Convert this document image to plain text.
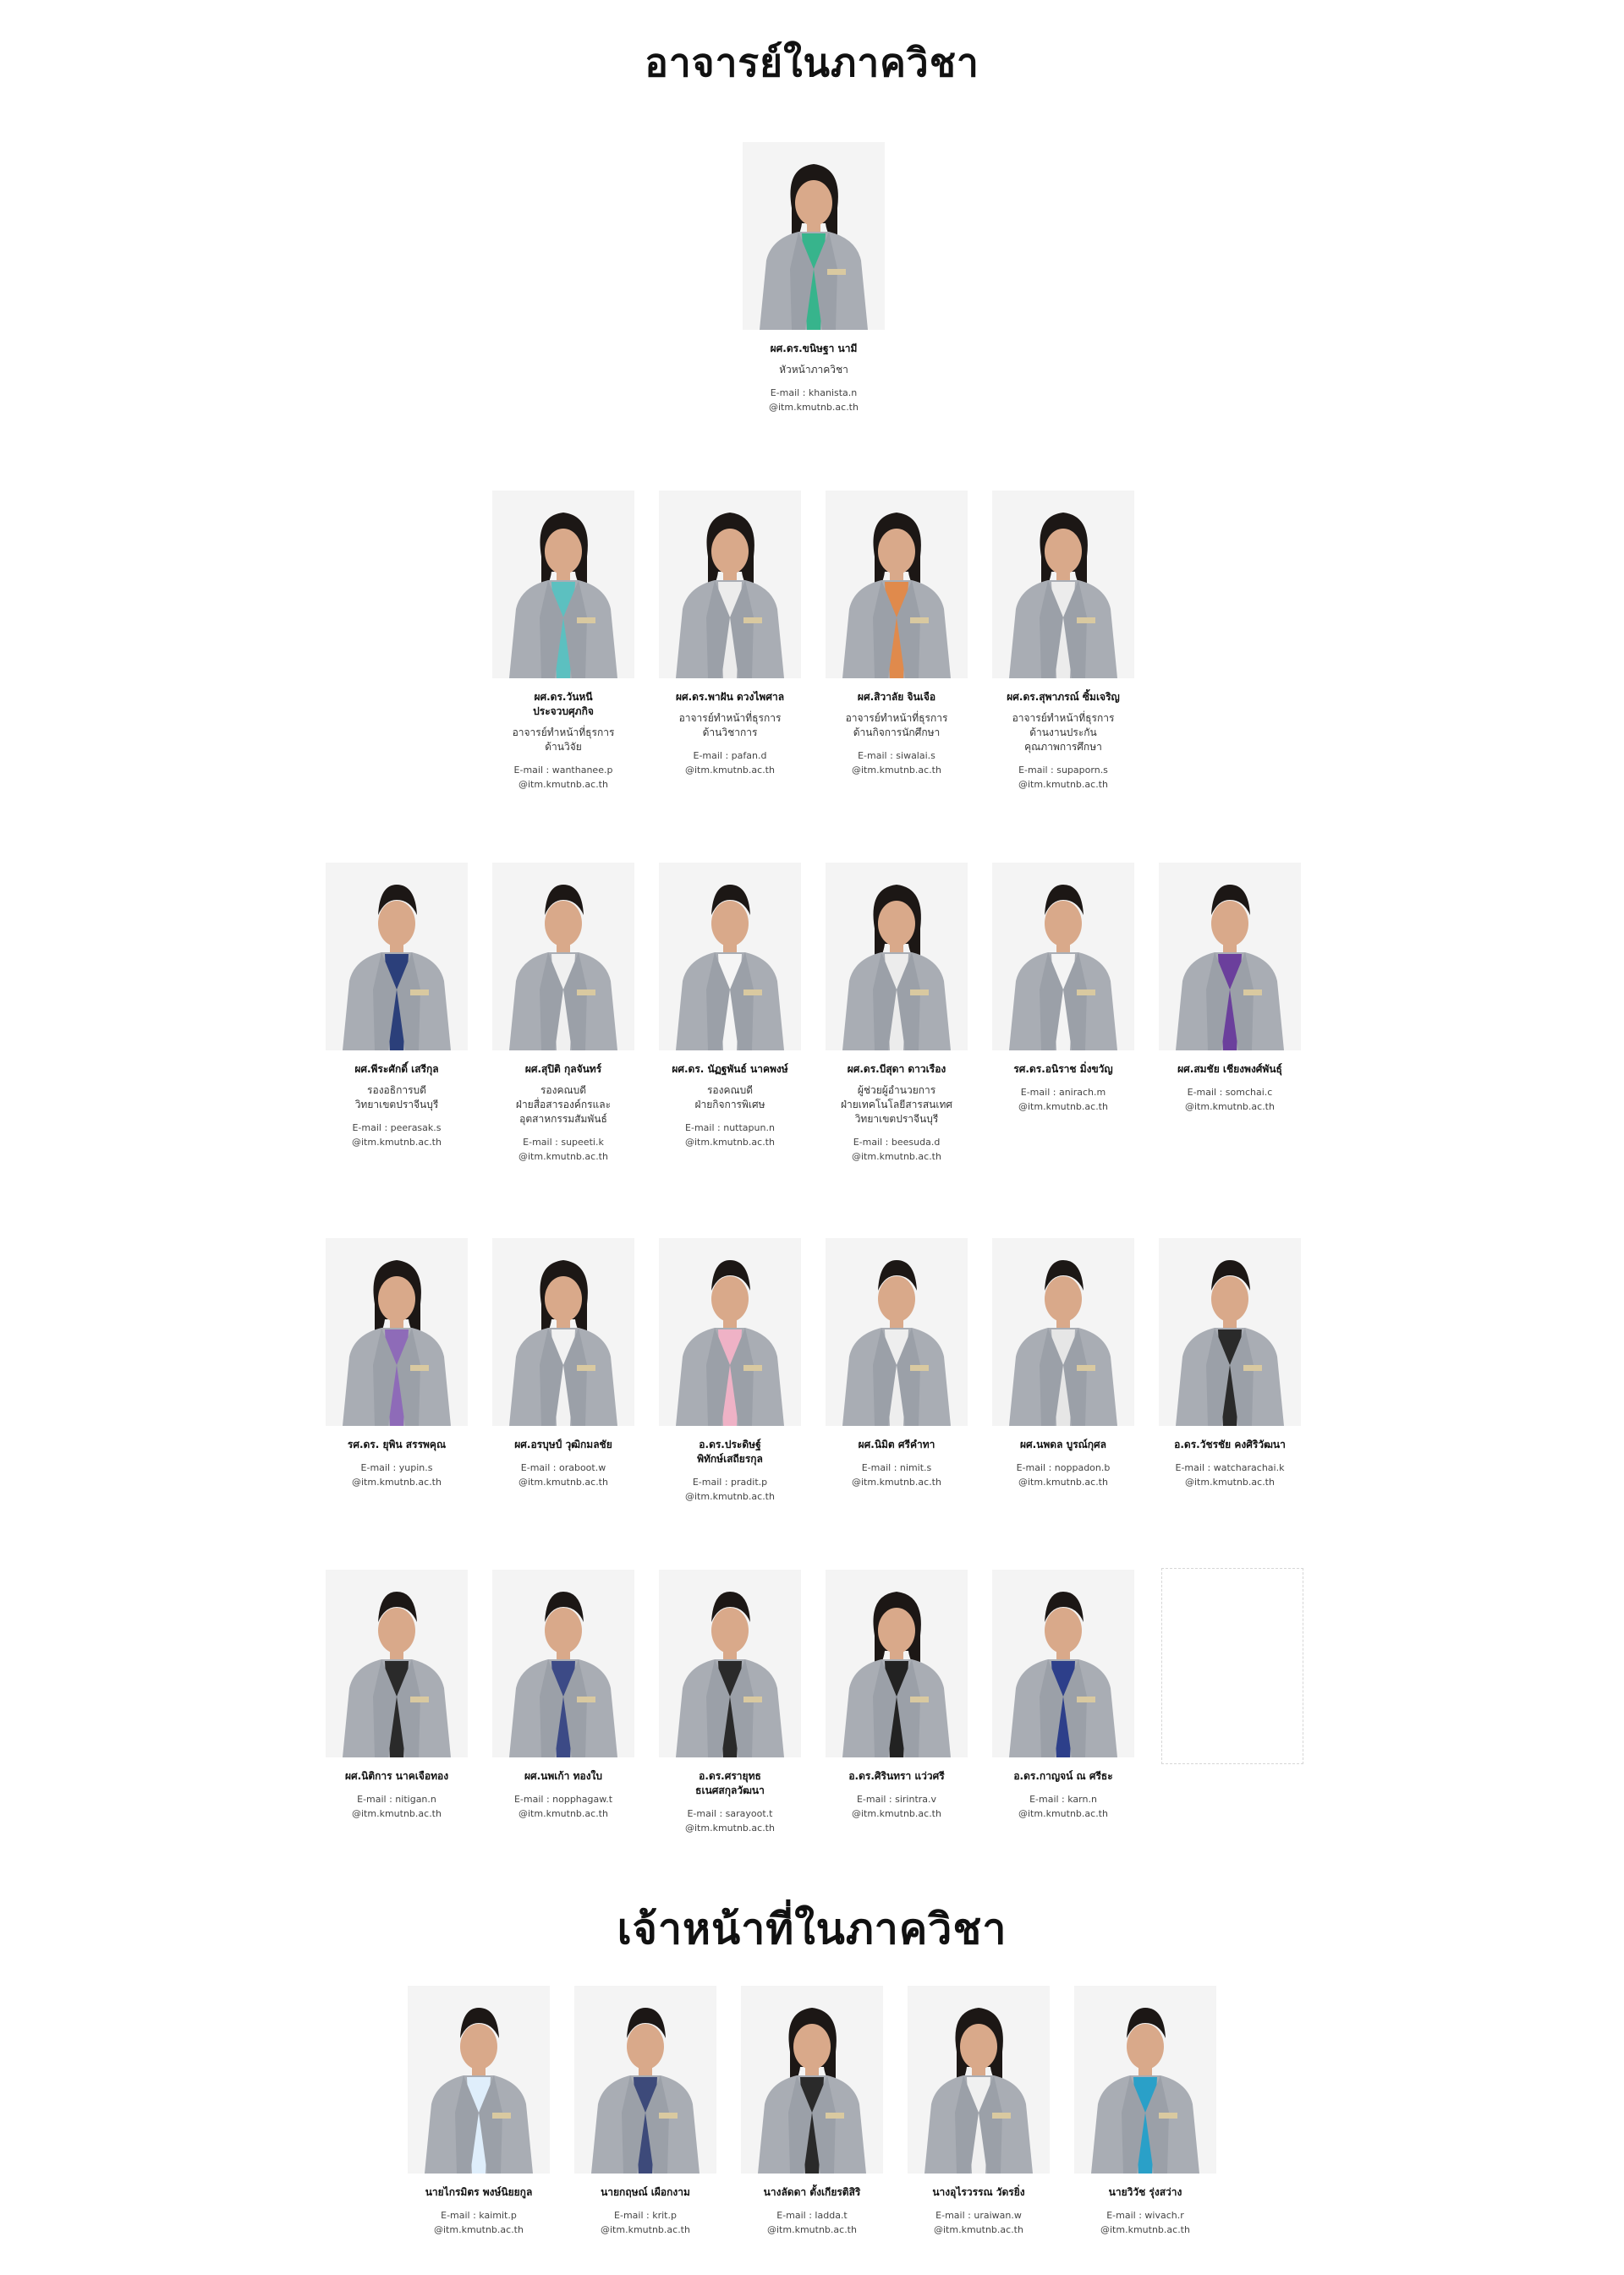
อาจารย์ในภาควิชา
ผศ.ดร.ขนิษฐา นามี
หัวหน้าภาควิชา
E-mail : khanista.n
@itm.kmutnb.ac.th
ผศ.ดร.วันหนี
ประจวบศุภกิจ
อาจารย์ทำหน้าที่ธุรการ
ด้านวิจัย
E-mail : wanthanee.p
@itm.kmutnb.ac.th
ผศ.ดร.พาฝัน ดวงไพศาล
อาจารย์ทำหน้าที่ธุรการ
ด้านวิชาการ
E-mail : pafan.d
@itm.kmutnb.ac.th
ผศ.สิวาลัย จินเจือ
อาจารย์ทำหน้าที่ธุรการ
ด้านกิจการนักศึกษา
E-mail : siwalai.s
@itm.kmutnb.ac.th
ผศ.ดร.สุพาภรณ์ ซิ้มเจริญ
อาจารย์ทำหน้าที่ธุรการ
ด้านงานประกัน
คุณภาพการศึกษา
E-mail : supaporn.s
@itm.kmutnb.ac.th
ผศ.พีระศักดิ์ เสรีกุล
รองอธิการบดี
วิทยาเขตปราจีนบุรี
E-mail : peerasak.s
@itm.kmutnb.ac.th
ผศ.สุปิติ กุลจันทร์
รองคณบดี
ฝ่ายสื่อสารองค์กรและ
อุตสาหกรรมสัมพันธ์
E-mail : supeeti.k
@itm.kmutnb.ac.th
ผศ.ดร. นัฏฐพันธ์ นาคพงษ์
รองคณบดี
ฝ่ายกิจการพิเศษ
E-mail : nuttapun.n
@itm.kmutnb.ac.th
ผศ.ดร.บีสุดา ดาวเรือง
ผู้ช่วยผู้อำนวยการ
ฝ่ายเทคโนโลยีสารสนเทศ
วิทยาเขตปราจีนบุรี
E-mail : beesuda.d
@itm.kmutnb.ac.th
รศ.ดร.อนิราช มิ่งขวัญ
E-mail : anirach.m
@itm.kmutnb.ac.th
ผศ.สมชัย เชียงพงศ์พันธุ์
E-mail : somchai.c
@itm.kmutnb.ac.th
รศ.ดร. ยุพิน สรรพคุณ
E-mail : yupin.s
@itm.kmutnb.ac.th
ผศ.อรบุษป์ วุฒิกมลชัย
E-mail : oraboot.w
@itm.kmutnb.ac.th
อ.ดร.ประดิษฐ์
พิทักษ์เสถียรกุล
E-mail : pradit.p
@itm.kmutnb.ac.th
ผศ.นิมิต ศรีคำทา
E-mail : nimit.s
@itm.kmutnb.ac.th
ผศ.นพดล บูรณ์กุศล
E-mail : noppadon.b
@itm.kmutnb.ac.th
อ.ดร.วัชรชัย คงศิริวัฒนา
E-mail : watcharachai.k
@itm.kmutnb.ac.th
ผศ.นิติการ นาคเจือทอง
E-mail : nitigan.n
@itm.kmutnb.ac.th
ผศ.นพเก้า ทองใบ
E-mail : nopphagaw.t
@itm.kmutnb.ac.th
อ.ดร.ศรายุทธ
ธเนศสกุลวัฒนา
E-mail : sarayoot.t
@itm.kmutnb.ac.th
อ.ดร.ศิรินทรา แว่วศรี
E-mail : sirintra.v
@itm.kmutnb.ac.th
อ.ดร.กาญจน์ ณ ศรีธะ
E-mail : karn.n
@itm.kmutnb.ac.th
เจ้าหน้าที่ในภาควิชา
นายไกรมิตร พงษ์นิยยกูล
E-mail : kaimit.p
@itm.kmutnb.ac.th
นายกฤษณ์ เผือกงาม
E-mail : krit.p
@itm.kmutnb.ac.th
นางลัดดา ตั้งเกียรติสิริ
E-mail : ladda.t
@itm.kmutnb.ac.th
นางอุไรวรรณ วัดรยิ่ง
E-mail : uraiwan.w
@itm.kmutnb.ac.th
นายวิวัช รุ่งสว่าง
E-mail : wivach.r
@itm.kmutnb.ac.th
